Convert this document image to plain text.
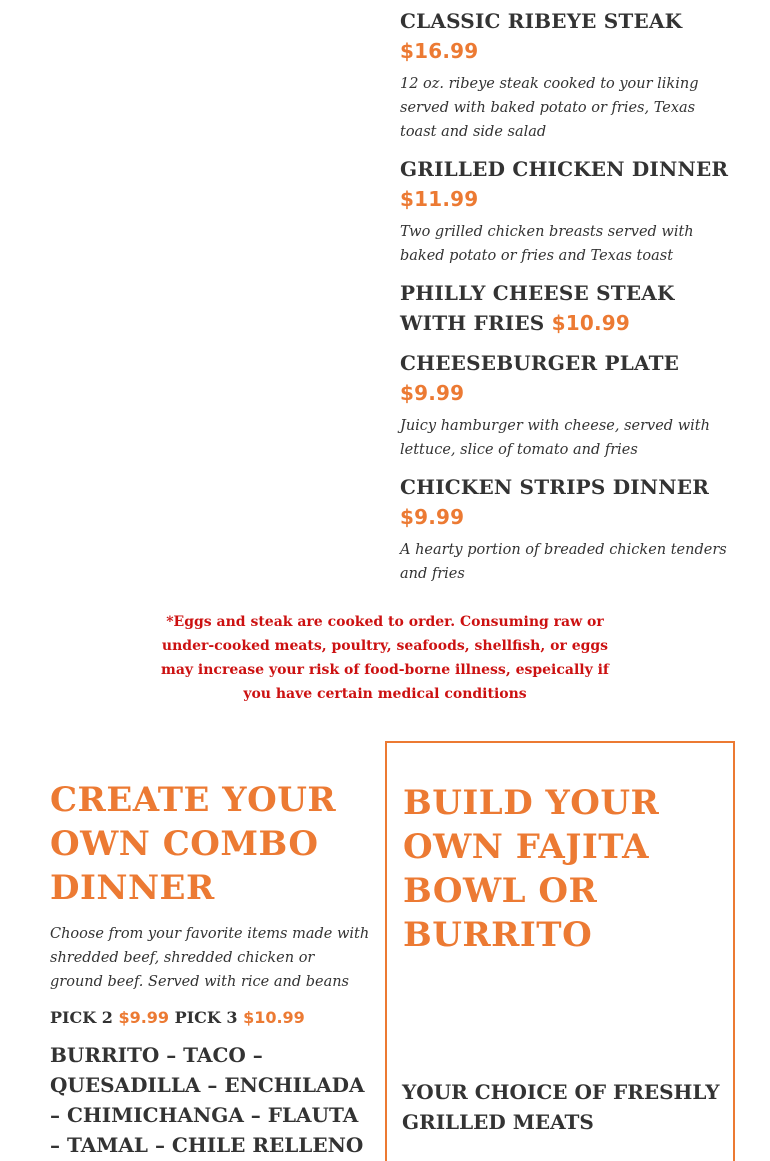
CLASSIC RIBEYE STEAK $16.99
12 oz. ribeye steak cooked to your liking served with baked potato or fries, Texas toast and side salad
GRILLED CHICKEN DINNER $11.99
Two grilled chicken breasts served with baked potato or fries and Texas toast
PHILLY CHEESE STEAK WITH FRIES $10.99
CHEESEBURGER PLATE $9.99
Juicy hamburger with cheese, served with lettuce, slice of tomato and fries
CHICKEN STRIPS DINNER $9.99
A hearty portion of breaded chicken tenders and fries
*Eggs and steak are cooked to order. Consuming raw or under-cooked meats, poultry, seafoods, shellfish, or eggs may increase your risk of food-borne illness, espeically if you have certain medical conditions
CREATE YOUR OWN COMBO DINNER
Choose from your favorite items made with shredded beef, shredded chicken or ground beef. Served with rice and beans
PICK 2 $9.99 PICK 3 $10.99
BURRITO – TACO – QUESADILLA – ENCHILADA – CHIMICHANGA – FLAUTA – TAMAL – CHILE RELLENO
BUILD YOUR OWN FAJITA BOWL OR BURRITO
YOUR CHOICE OF FRESHLY GRILLED MEATS
